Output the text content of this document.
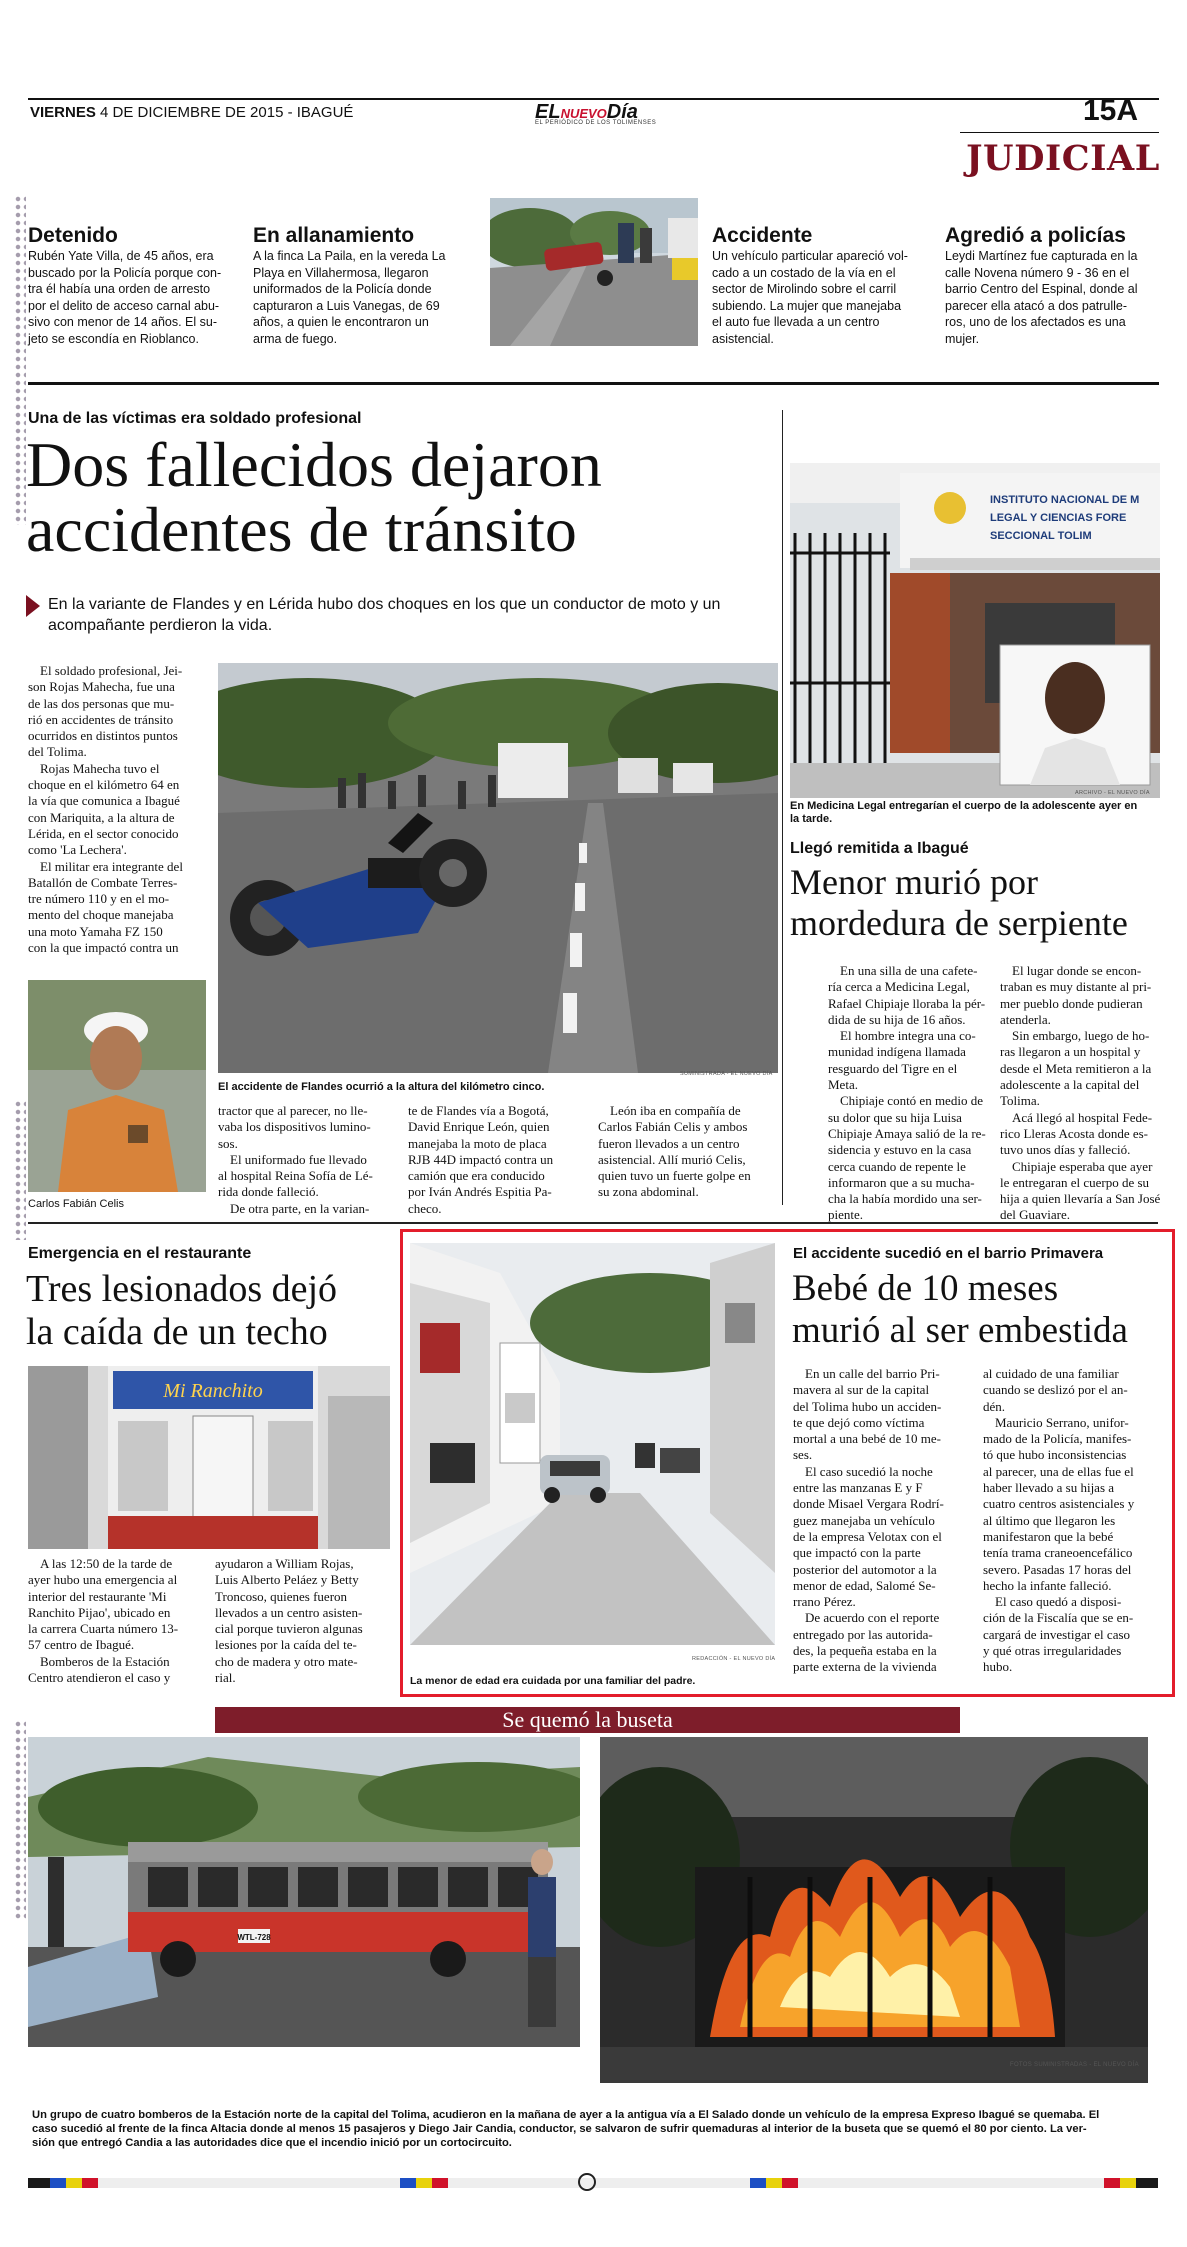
VIERNES 4 DE DICIEMBRE DE 2015 - IBAGUÉ	ELNUEVODía
EL PERIÓDICO DE LOS TOLIMENSES	15A
JUDICIAL
Detenido
Rubén Yate Villa, de 45 años, era
buscado por la Policía porque con-
tra él había una orden de arresto
por el delito de acceso carnal abu-
sivo con menor de 14 años. El su-
jeto se escondía en Rioblanco.
En allanamiento
A la finca La Paila, en la vereda La
Playa en Villahermosa, llegaron
uniformados de la Policía donde
capturaron a Luis Vanegas, de 69
años, a quien le encontraron un
arma de fuego.
Accidente
Un vehículo particular apareció vol-
cado a un costado de la vía en el
sector de Mirolindo sobre el carril
subiendo. La mujer que manejaba
el auto fue llevada a un centro
asistencial.
Agredió a policías
Leydi Martínez fue capturada en la
calle Novena número 9 - 36 en el
barrio Centro del Espinal, donde al
parecer ella atacó a dos patrulle-
ros, uno de los afectados es una
mujer.
Una de las víctimas era soldado profesional
Dos fallecidos dejaron
accidentes de tránsito
En la variante de Flandes y en Lérida hubo dos choques en los que un conductor de moto y un
acompañante perdieron la vida.
El soldado profesional, Jei-
son Rojas Mahecha, fue una
de las dos personas que mu-
rió en accidentes de tránsito
ocurridos en distintos puntos
del Tolima.
Rojas Mahecha tuvo el
choque en el kilómetro 64 en
la vía que comunica a Ibagué
con Mariquita, a la altura de
Lérida, en el sector conocido
como 'La Lechera'.
El militar era integrante del
Batallón de Combate Terres-
tre número 110 y en el mo-
mento del choque manejaba
una moto Yamaha FZ 150
con la que impactó contra un
El accidente de Flandes ocurrió a la altura del kilómetro cinco.
SUMINISTRADA - EL NUEVO DÍA
Carlos Fabián Celis
tractor que al parecer, no lle-
vaba los dispositivos lumino-
sos.
El uniformado fue llevado
al hospital Reina Sofía de Lé-
rida donde falleció.
De otra parte, en la varian-
te de Flandes vía a Bogotá,
David Enrique León, quien
manejaba la moto de placa
RJB 44D impactó contra un
camión que era conducido
por Iván Andrés Espitia Pa-
checo.
León iba en compañía de
Carlos Fabián Celis y ambos
fueron llevados a un centro
asistencial. Allí murió Celis,
quien tuvo un fuerte golpe en
su zona abdominal.
INSTITUTO NACIONAL DE M
LEGAL Y CIENCIAS FORE
SECCIONAL TOLIM
ARCHIVO - EL NUEVO DÍA
En Medicina Legal entregarían el cuerpo de la adolescente ayer en
la tarde.
Llegó remitida a Ibagué
Menor murió por
mordedura de serpiente
En una silla de una cafete-
ría cerca a Medicina Legal,
Rafael Chipiaje lloraba la pér-
dida de su hija de 16 años.
El hombre integra una co-
munidad indígena llamada
resguardo del Tigre en el
Meta.
Chipiaje contó en medio de
su dolor que su hija Luisa
Chipiaje Amaya salió de la re-
sidencia y estuvo en la casa
cerca cuando de repente le
informaron que a su mucha-
cha la había mordido una ser-
piente.
El lugar donde se encon-
traban es muy distante al pri-
mer pueblo donde pudieran
atenderla.
Sin embargo, luego de ho-
ras llegaron a un hospital y
desde el Meta remitieron a la
adolescente a la capital del
Tolima.
Acá llegó al hospital Fede-
rico Lleras Acosta donde es-
tuvo unos días y falleció.
Chipiaje esperaba que ayer
le entregaran el cuerpo de su
hija a quien llevaría a San José
del Guaviare.
Emergencia en el restaurante
Tres lesionados dejó
la caída de un techo
Mi Ranchito
A las 12:50 de la tarde de
ayer hubo una emergencia al
interior del restaurante 'Mi
Ranchito Pijao', ubicado en
la carrera Cuarta número 13-
57 centro de Ibagué.
Bomberos de la Estación
Centro atendieron el caso y
ayudaron a William Rojas,
Luis Alberto Peláez y Betty
Troncoso, quienes fueron
llevados a un centro asisten-
cial porque tuvieron algunas
lesiones por la caída del te-
cho de madera y otro mate-
rial.	La menor de edad era cuidada por una familiar del padre.
REDACCIÓN - EL NUEVO DÍA
El accidente sucedió en el barrio Primavera
Bebé de 10 meses
murió al ser embestida
En un calle del barrio Pri-
mavera al sur de la capital
del Tolima hubo un acciden-
te que dejó como víctima
mortal a una bebé de 10 me-
ses.
El caso sucedió la noche
entre las manzanas E y F
donde Misael Vergara Rodrí-
guez manejaba un vehículo
de la empresa Velotax con el
que impactó con la parte
posterior del automotor a la
menor de edad, Salomé Se-
rrano Pérez.
De acuerdo con el reporte
entregado por las autorida-
des, la pequeña estaba en la
parte externa de la vivienda
al cuidado de una familiar
cuando se deslizó por el an-
dén.
Mauricio Serrano, unifor-
mado de la Policía, manifes-
tó que hubo inconsistencias
al parecer, una de ellas fue el
haber llevado a su hijas a
cuatro centros asistenciales y
al último que llegaron les
manifestaron que la bebé
tenía trama craneoencefálico
severo. Pasadas 17 horas del
hecho la infante falleció.
El caso quedó a disposi-
ción de la Fiscalía que se en-
cargará de investigar el caso
y qué otras irregularidades
hubo.
Se quemó la buseta
WTL-728
FOTOS SUMINISTRADAS - EL NUEVO DÍA
Un grupo de cuatro bomberos de la Estación norte de la capital del Tolima, acudieron en la mañana de ayer a la antigua vía a El Salado donde un vehículo de la empresa Expreso Ibagué se quemaba. El
caso sucedió al frente de la finca Altacia donde al menos 15 pasajeros y Diego Jair Candia, conductor, se salvaron de sufrir quemaduras al interior de la buseta que se quemó el 80 por ciento. La ver-
sión que entregó Candia a las autoridades dice que el incendio inició por un cortocircuito.
